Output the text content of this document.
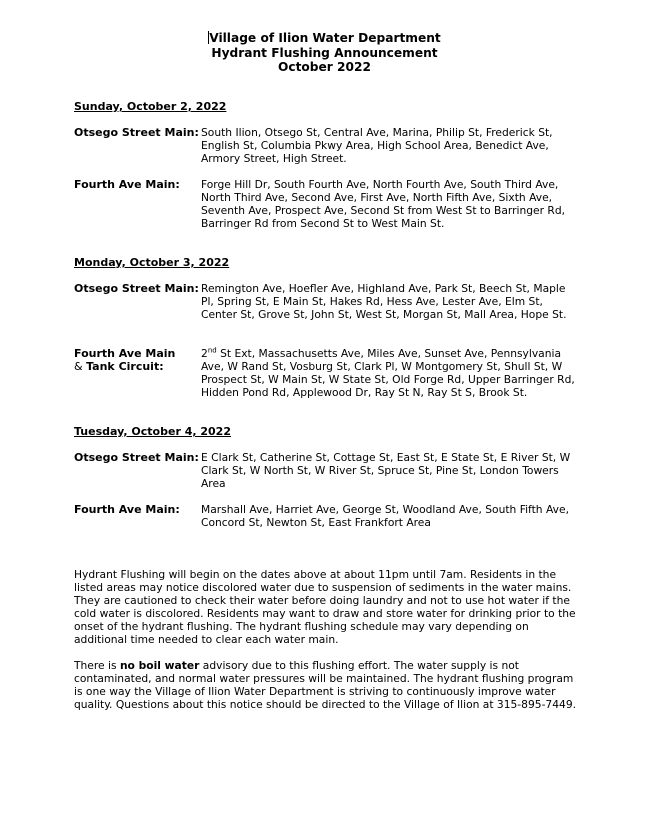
Village of Ilion Water Department
Hydrant Flushing Announcement
October 2022
Sunday, October 2, 2022
Otsego Street Main: South Ilion, Otsego St, Central Ave, Marina, Philip St, Frederick St, English St, Columbia Pkwy Area, High School Area, Benedict Ave, Armory Street, High Street.
Fourth Ave Main:	Forge Hill Dr, South Fourth Ave, North Fourth Ave, South Third Ave, North Third Ave, Second Ave, First Ave, North Fifth Ave, Sixth Ave, Seventh Ave, Prospect Ave, Second St from West St to Barringer Rd, Barringer Rd from Second St to West Main St.
Monday, October 3, 2022
Otsego Street Main: Remington Ave, Hoefler Ave, Highland Ave, Park St, Beech St, Maple Pl, Spring St, E Main St, Hakes Rd, Hess Ave, Lester Ave, Elm St, Center St, Grove St, John St, West St, Morgan St, Mall Area, Hope St.
Fourth Ave Main
& Tank Circuit:
2nd St Ext, Massachusetts Ave, Miles Ave, Sunset Ave, Pennsylvania Ave, W Rand St, Vosburg St, Clark Pl, W Montgomery St, Shull St, W Prospect St, W Main St, W State St, Old Forge Rd, Upper Barringer Rd, Hidden Pond Rd, Applewood Dr, Ray St N, Ray St S, Brook St.
Tuesday, October 4, 2022
Otsego Street Main: E Clark St, Catherine St, Cottage St, East St, E State St, E River St, W Clark St, W North St, W River St, Spruce St, Pine St, London Towers Area
Fourth Ave Main:	Marshall Ave, Harriet Ave, George St, Woodland Ave, South Fifth Ave, Concord St, Newton St, East Frankfort Area
Hydrant Flushing will begin on the dates above at about 11pm until 7am. Residents in the listed areas may notice discolored water due to suspension of sediments in the water mains. They are cautioned to check their water before doing laundry and not to use hot water if the cold water is discolored. Residents may want to draw and store water for drinking prior to the onset of the hydrant flushing. The hydrant flushing schedule may vary depending on additional time needed to clear each water main.
There is no boil water advisory due to this flushing effort. The water supply is not contaminated, and normal water pressures will be maintained. The hydrant flushing program is one way the Village of Ilion Water Department is striving to continuously improve water quality. Questions about this notice should be directed to the Village of Ilion at 315-895-7449.
